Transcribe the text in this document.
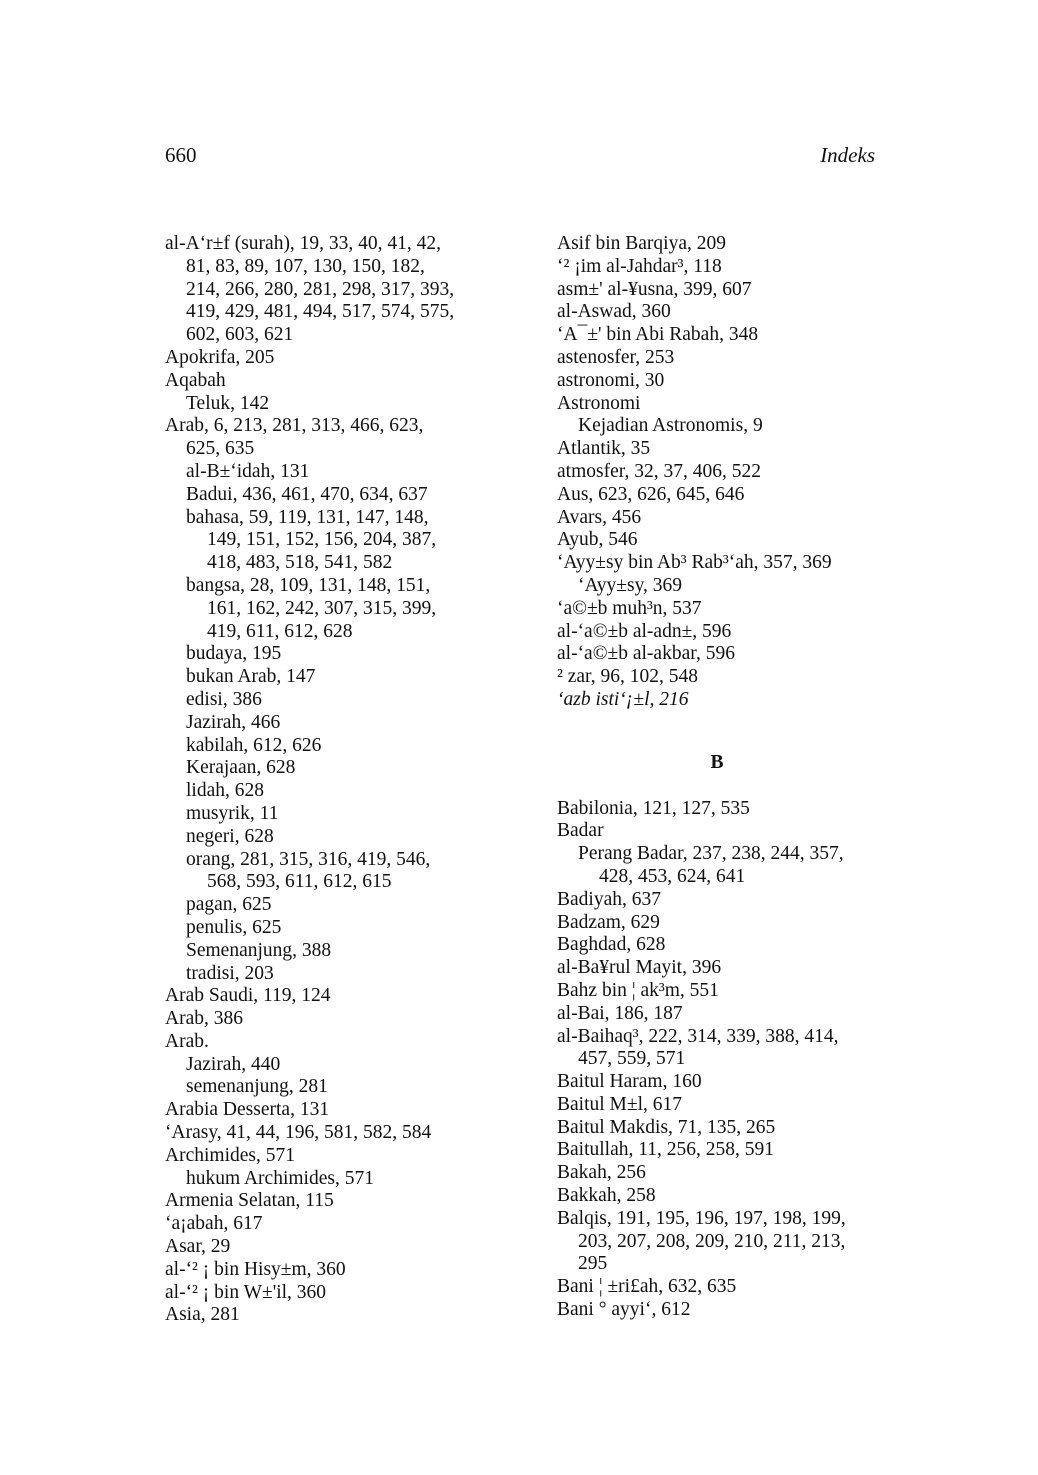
660	Indeks
al-A‘r±f (surah), 19, 33, 40, 41, 42,
81, 83, 89, 107, 130, 150, 182,
214, 266, 280, 281, 298, 317, 393,
419, 429, 481, 494, 517, 574, 575,
602, 603, 621
Apokrifa, 205
Aqabah
Teluk, 142
Arab, 6, 213, 281, 313, 466, 623,
625, 635
al-B±‘idah, 131
Badui, 436, 461, 470, 634, 637
bahasa, 59, 119, 131, 147, 148,
149, 151, 152, 156, 204, 387,
418, 483, 518, 541, 582
bangsa, 28, 109, 131, 148, 151,
161, 162, 242, 307, 315, 399,
419, 611, 612, 628
budaya, 195
bukan Arab, 147
edisi, 386
Jazirah, 466
kabilah, 612, 626
Kerajaan, 628
lidah, 628
musyrik, 11
negeri, 628
orang, 281, 315, 316, 419, 546,
568, 593, 611, 612, 615
pagan, 625
penulis, 625
Semenanjung, 388
tradisi, 203
Arab Saudi, 119, 124
Arab, 386
Arab.
Jazirah, 440
semenanjung, 281
Arabia Desserta, 131
‘Arasy, 41, 44, 196, 581, 582, 584
Archimides, 571
hukum Archimides, 571
Armenia Selatan, 115
‘a¡abah, 617
Asar, 29
al-‘² ¡ bin Hisy±m, 360
al-‘² ¡ bin W±'il, 360
Asia, 281
Asif bin Barqiya, 209
‘² ¡im al-Jahdar³, 118
asm±' al-¥usna, 399, 607
al-Aswad, 360
‘A¯±' bin Abi Rabah, 348
astenosfer, 253
astronomi, 30
Astronomi
Kejadian Astronomis, 9
Atlantik, 35
atmosfer, 32, 37, 406, 522
Aus, 623, 626, 645, 646
Avars, 456
Ayub, 546
‘Ayy±sy bin Ab³ Rab³‘ah, 357, 369
‘Ayy±sy, 369
‘a©±b muh³n, 537
al-‘a©±b al-adn±, 596
al-‘a©±b al-akbar, 596
² zar, 96, 102, 548
‘azb isti‘¡±l, 216
B
Babilonia, 121, 127, 535
Badar
Perang Badar, 237, 238, 244, 357,
428, 453, 624, 641
Badiyah, 637
Badzam, 629
Baghdad, 628
al-Ba¥rul Mayit, 396
Bahz bin ¦ ak³m, 551
al-Bai, 186, 187
al-Baihaq³, 222, 314, 339, 388, 414,
457, 559, 571
Baitul Haram, 160
Baitul M±l, 617
Baitul Makdis, 71, 135, 265
Baitullah, 11, 256, 258, 591
Bakah, 256
Bakkah, 258
Balqis, 191, 195, 196, 197, 198, 199,
203, 207, 208, 209, 210, 211, 213,
295
Bani ¦ ±ri£ah, 632, 635
Bani ° ayyi‘, 612
